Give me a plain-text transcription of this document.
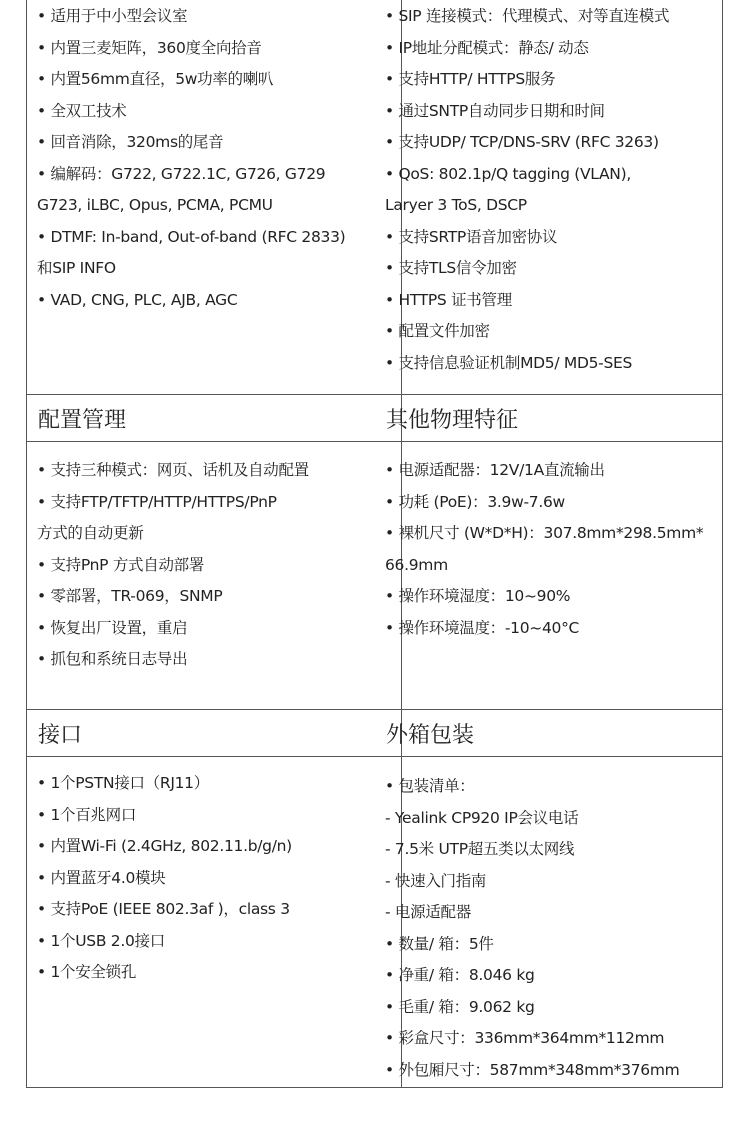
• 适用于中小型会议室
• 内置三麦矩阵，360度全向拾音
• 内置56mm直径，5w功率的喇叭
• 全双工技术
• 回音消除，320ms的尾音
• 编解码：G722, G722.1C, G726, G729
G723, iLBC, Opus, PCMA, PCMU
• DTMF: In-band, Out-of-band (RFC 2833)
和SIP INFO
• VAD, CNG, PLC, AJB, AGC
• SIP 连接模式：代理模式、对等直连模式
• IP地址分配模式：静态/ 动态
• 支持HTTP/ HTTPS服务
• 通过SNTP自动同步日期和时间
• 支持UDP/ TCP/DNS-SRV (RFC 3263)
• QoS: 802.1p/Q tagging (VLAN),
Laryer 3 ToS, DSCP
• 支持SRTP语音加密协议
• 支持TLS信令加密
• HTTPS 证书管理
• 配置文件加密
• 支持信息验证机制MD5/ MD5-SES
配置管理	其他物理特征
• 支持三种模式：网页、话机及自动配置
• 支持FTP/TFTP/HTTP/HTTPS/PnP
方式的自动更新
• 支持PnP 方式自动部署
• 零部署，TR-069，SNMP
• 恢复出厂设置，重启
• 抓包和系统日志导出
• 电源适配器：12V/1A直流输出
• 功耗 (PoE)：3.9w-7.6w
• 裸机尺寸 (W*D*H)：307.8mm*298.5mm*
66.9mm
• 操作环境湿度：10~90%
• 操作环境温度：-10~40°C
接口	外箱包装
• 1个PSTN接口（RJ11）
• 1个百兆网口
• 内置Wi-Fi (2.4GHz, 802.11.b/g/n)
• 内置蓝牙4.0模块
• 支持PoE (IEEE 802.3af )，class 3
• 1个USB 2.0接口
• 1个安全锁孔
• 包装清单：
- Yealink CP920 IP会议电话
- 7.5米 UTP超五类以太网线
- 快速入门指南
- 电源适配器
• 数量/ 箱：5件
• 净重/ 箱：8.046 kg
• 毛重/ 箱：9.062 kg
• 彩盒尺寸：336mm*364mm*112mm
• 外包厢尺寸：587mm*348mm*376mm
